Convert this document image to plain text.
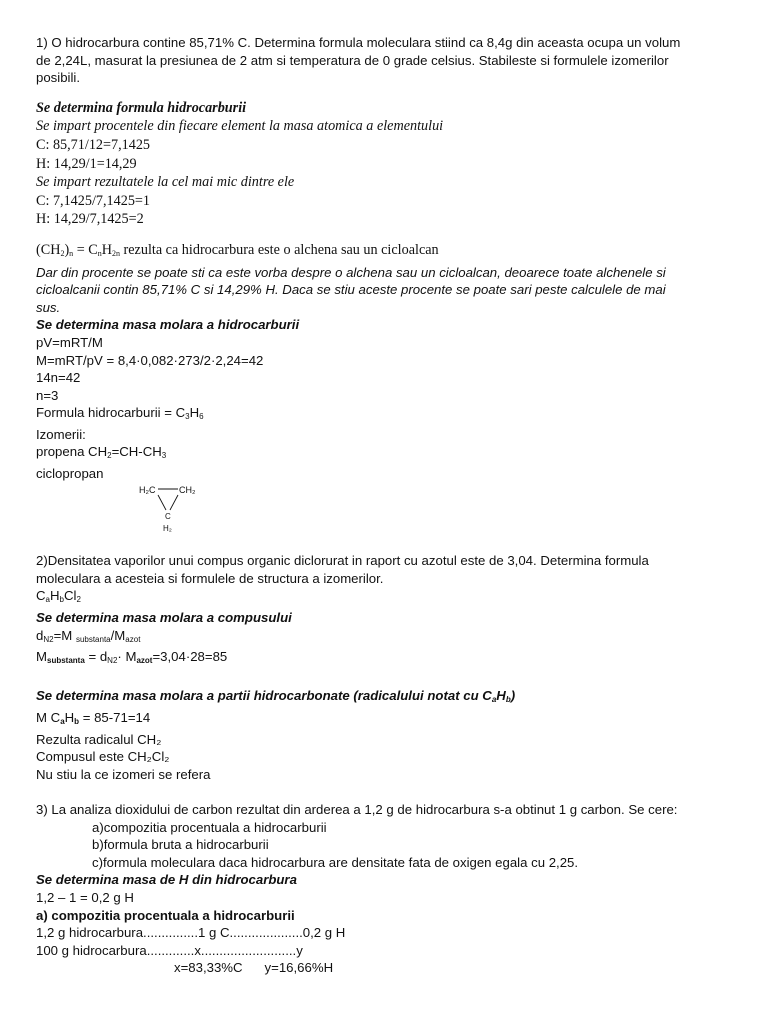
1) O hidrocarbura contine 85,71% C. Determina formula moleculara stiind ca 8,4g din aceasta ocupa un volum
de 2,24L, masurat la presiunea de 2 atm si temperatura de 0 grade celsius. Stabileste si formulele izomerilor
posibili.
Se determina formula hidrocarburii
Se impart procentele din fiecare element la masa atomica a elementului
C: 85,71/12=7,1425
H: 14,29/1=14,29
Se impart rezultatele la cel mai mic dintre ele
C: 7,1425/7,1425=1
H: 14,29/7,1425=2
$(CH_2)_n = C_nH_{2n}$ rezulta ca hidrocarbura este o alchena sau un cicloalcan
Dar din procente se poate sti ca este vorba despre o alchena sau un cicloalcan, deoarece toate alchenele si
cicloalcanii contin 85,71% C si 14,29% H. Daca se stiu aceste procente se poate sari peste calculele de mai
sus.
Se determina masa molara a hidrocarburii
pV=mRT/M
M=mRT/pV = 8,4·0,082·273/2·2,24=42
14n=42
n=3
Formula hidrocarburii = $C_3H_6$
Izomerii:
propena $CH_2=CH-CH_3$
ciclopropan
H₂C	CH₂
C
H₂
2)Densitatea vaporilor unui compus organic diclorurat in raport cu azotul este de 3,04. Determina formula
moleculara a acesteia si formulele de structura a izomerilor.
$C_aH_bCl_2$
Se determina masa molara a compusului
$d_{N2}=M$ $_{substanta}/M_{azot}$
$M_{substanta} = d_{N2}\cdot M_{azot}=3,04\cdot 28=85$
Se determina masa molara a partii hidrocarbonate (radicalului notat cu $C_aH_b$)
M $C_aH_b = 85-71=14$
Rezulta radicalul CH₂
Compusul este CH₂Cl₂
Nu stiu la ce izomeri se refera
3) La analiza dioxidului de carbon rezultat din arderea a 1,2 g de hidrocarbura s-a obtinut 1 g carbon. Se cere:
a)compozitia procentuala a hidrocarburii
b)formula bruta a hidrocarburii
c)formula moleculara daca hidrocarbura are densitate fata de oxigen egala cu 2,25.
Se determina masa de H din hidrocarbura
1,2 – 1 = 0,2 g H
a) compozitia procentuala a hidrocarburii
1,2 g hidrocarbura...............1 g C....................0,2 g H
100 g hidrocarbura.............x..........................y
x=83,33%C y=16,66%H
